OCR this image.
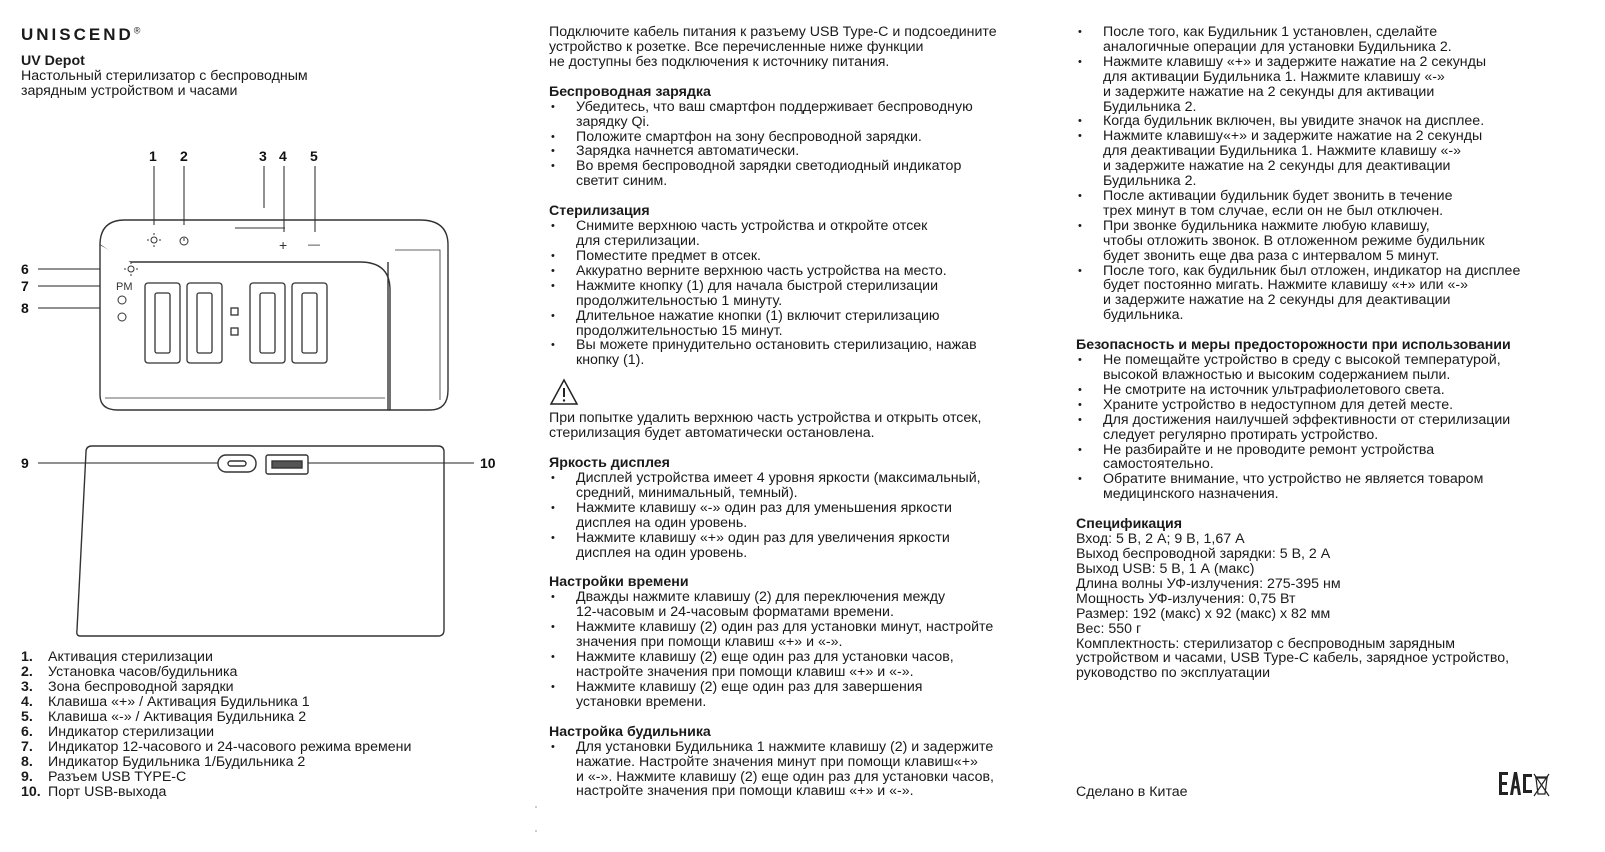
UNISCEND®
UV Depot
Настольный стерилизатор с беспроводным
зарядным устройством и часами
1 2	3 4 5
6
7
8
9	10
+ —
PM
1.	Активация стерилизации
2.	Установка часов/будильника
3.	Зона беспроводной зарядки
4.	Клавиша «+» / Активация Будильника 1
5.	Клавиша «-» / Активация Будильника 2
6.	Индикатор стерилизации
7.	Индикатор 12-часового и 24-часового режима времени
8.	Индикатор Будильника 1/Будильника 2
9.	Разъем USB TYPE-C
10. Порт USB-выхода
Подключите кабель питания к разъему USB Type-C и подсоедините
устройство к розетке. Все перечисленные ниже функции
не доступны без подключения к источнику питания.
Беспроводная зарядка
• Убедитесь, что ваш смартфон поддерживает беспроводную
зарядку Qi.
• Положите смартфон на зону беспроводной зарядки.
• Зарядка начнется автоматически.
• Во время беспроводной зарядки светодиодный индикатор
светит синим.
Стерилизация
• Снимите верхнюю часть устройства и откройте отсек
для стерилизации.
• Поместите предмет в отсек.
• Аккуратно верните верхнюю часть устройства на место.
• Нажмите кнопку (1) для начала быстрой стерилизации
продолжительностью 1 минуту.
• Длительное нажатие кнопки (1) включит стерилизацию
продолжительностью 15 минут.
• Вы можете принудительно остановить стерилизацию, нажав
кнопку (1).
При попытке удалить верхнюю часть устройства и открыть отсек,
стерилизация будет автоматически остановлена.
Яркость дисплея
• Дисплей устройства имеет 4 уровня яркости (максимальный,
средний, минимальный, темный).
• Нажмите клавишу «-» один раз для уменьшения яркости
дисплея на один уровень.
• Нажмите клавишу «+» один раз для увеличения яркости
дисплея на один уровень.
Настройки времени
• Дважды нажмите клавишу (2) для переключения между
12-часовым и 24-часовым форматами времени.
• Нажмите клавишу (2) один раз для установки минут, настройте
значения при помощи клавиш «+» и «-».
• Нажмите клавишу (2) еще один раз для установки часов,
настройте значения при помощи клавиш «+» и «-».
• Нажмите клавишу (2) еще один раз для завершения
установки времени.
Настройка будильника
• Для установки Будильника 1 нажмите клавишу (2) и задержите
нажатие. Настройте значения минут при помощи клавиш«+»
и «-». Нажмите клавишу (2) еще один раз для установки часов,
настройте значения при помощи клавиш «+» и «-».
• После того, как Будильник 1 установлен, сделайте
аналогичные операции для установки Будильника 2.
• Нажмите клавишу «+» и задержите нажатие на 2 секунды
для активации Будильника 1. Нажмите клавишу «-»
и задержите нажатие на 2 секунды для активации
Будильника 2.
• Когда будильник включен, вы увидите значок на дисплее.
• Нажмите клавишу«+» и задержите нажатие на 2 секунды
для деактивации Будильника 1. Нажмите клавишу «-»
и задержите нажатие на 2 секунды для деактивации
Будильника 2.
• После активации будильник будет звонить в течение
трех минут в том случае, если он не был отключен.
• При звонке будильника нажмите любую клавишу,
чтобы отложить звонок. В отложенном режиме будильник
будет звонить еще два раза с интервалом 5 минут.
• После того, как будильник был отложен, индикатор на дисплее
будет постоянно мигать. Нажмите клавишу «+» или «-»
и задержите нажатие на 2 секунды для деактивации
будильника.
Безопасность и меры предосторожности при использовании
• Не помещайте устройство в среду с высокой температурой,
высокой влажностью и высоким содержанием пыли.
• Не смотрите на источник ультрафиолетового света.
• Храните устройство в недоступном для детей месте.
• Для достижения наилучшей эффективности от стерилизации
следует регулярно протирать устройство.
• Не разбирайте и не проводите ремонт устройства
самостоятельно.
• Обратите внимание, что устройство не является товаром
медицинского назначения.
Спецификация
Вход: 5 В, 2 А; 9 В, 1,67 А
Выход беспроводной зарядки: 5 В, 2 А
Выход USB: 5 В, 1 А (макс)
Длина волны УФ-излучения: 275-395 нм
Мощность УФ-излучения: 0,75 Вт
Размер: 192 (макс) х 92 (макс) х 82 мм
Вес: 550 г
Комплектность: стерилизатор с беспроводным зарядным
устройством и часами, USB Type-C кабель, зарядное устройство,
руководство по эксплуатации
Сделано в Китае
